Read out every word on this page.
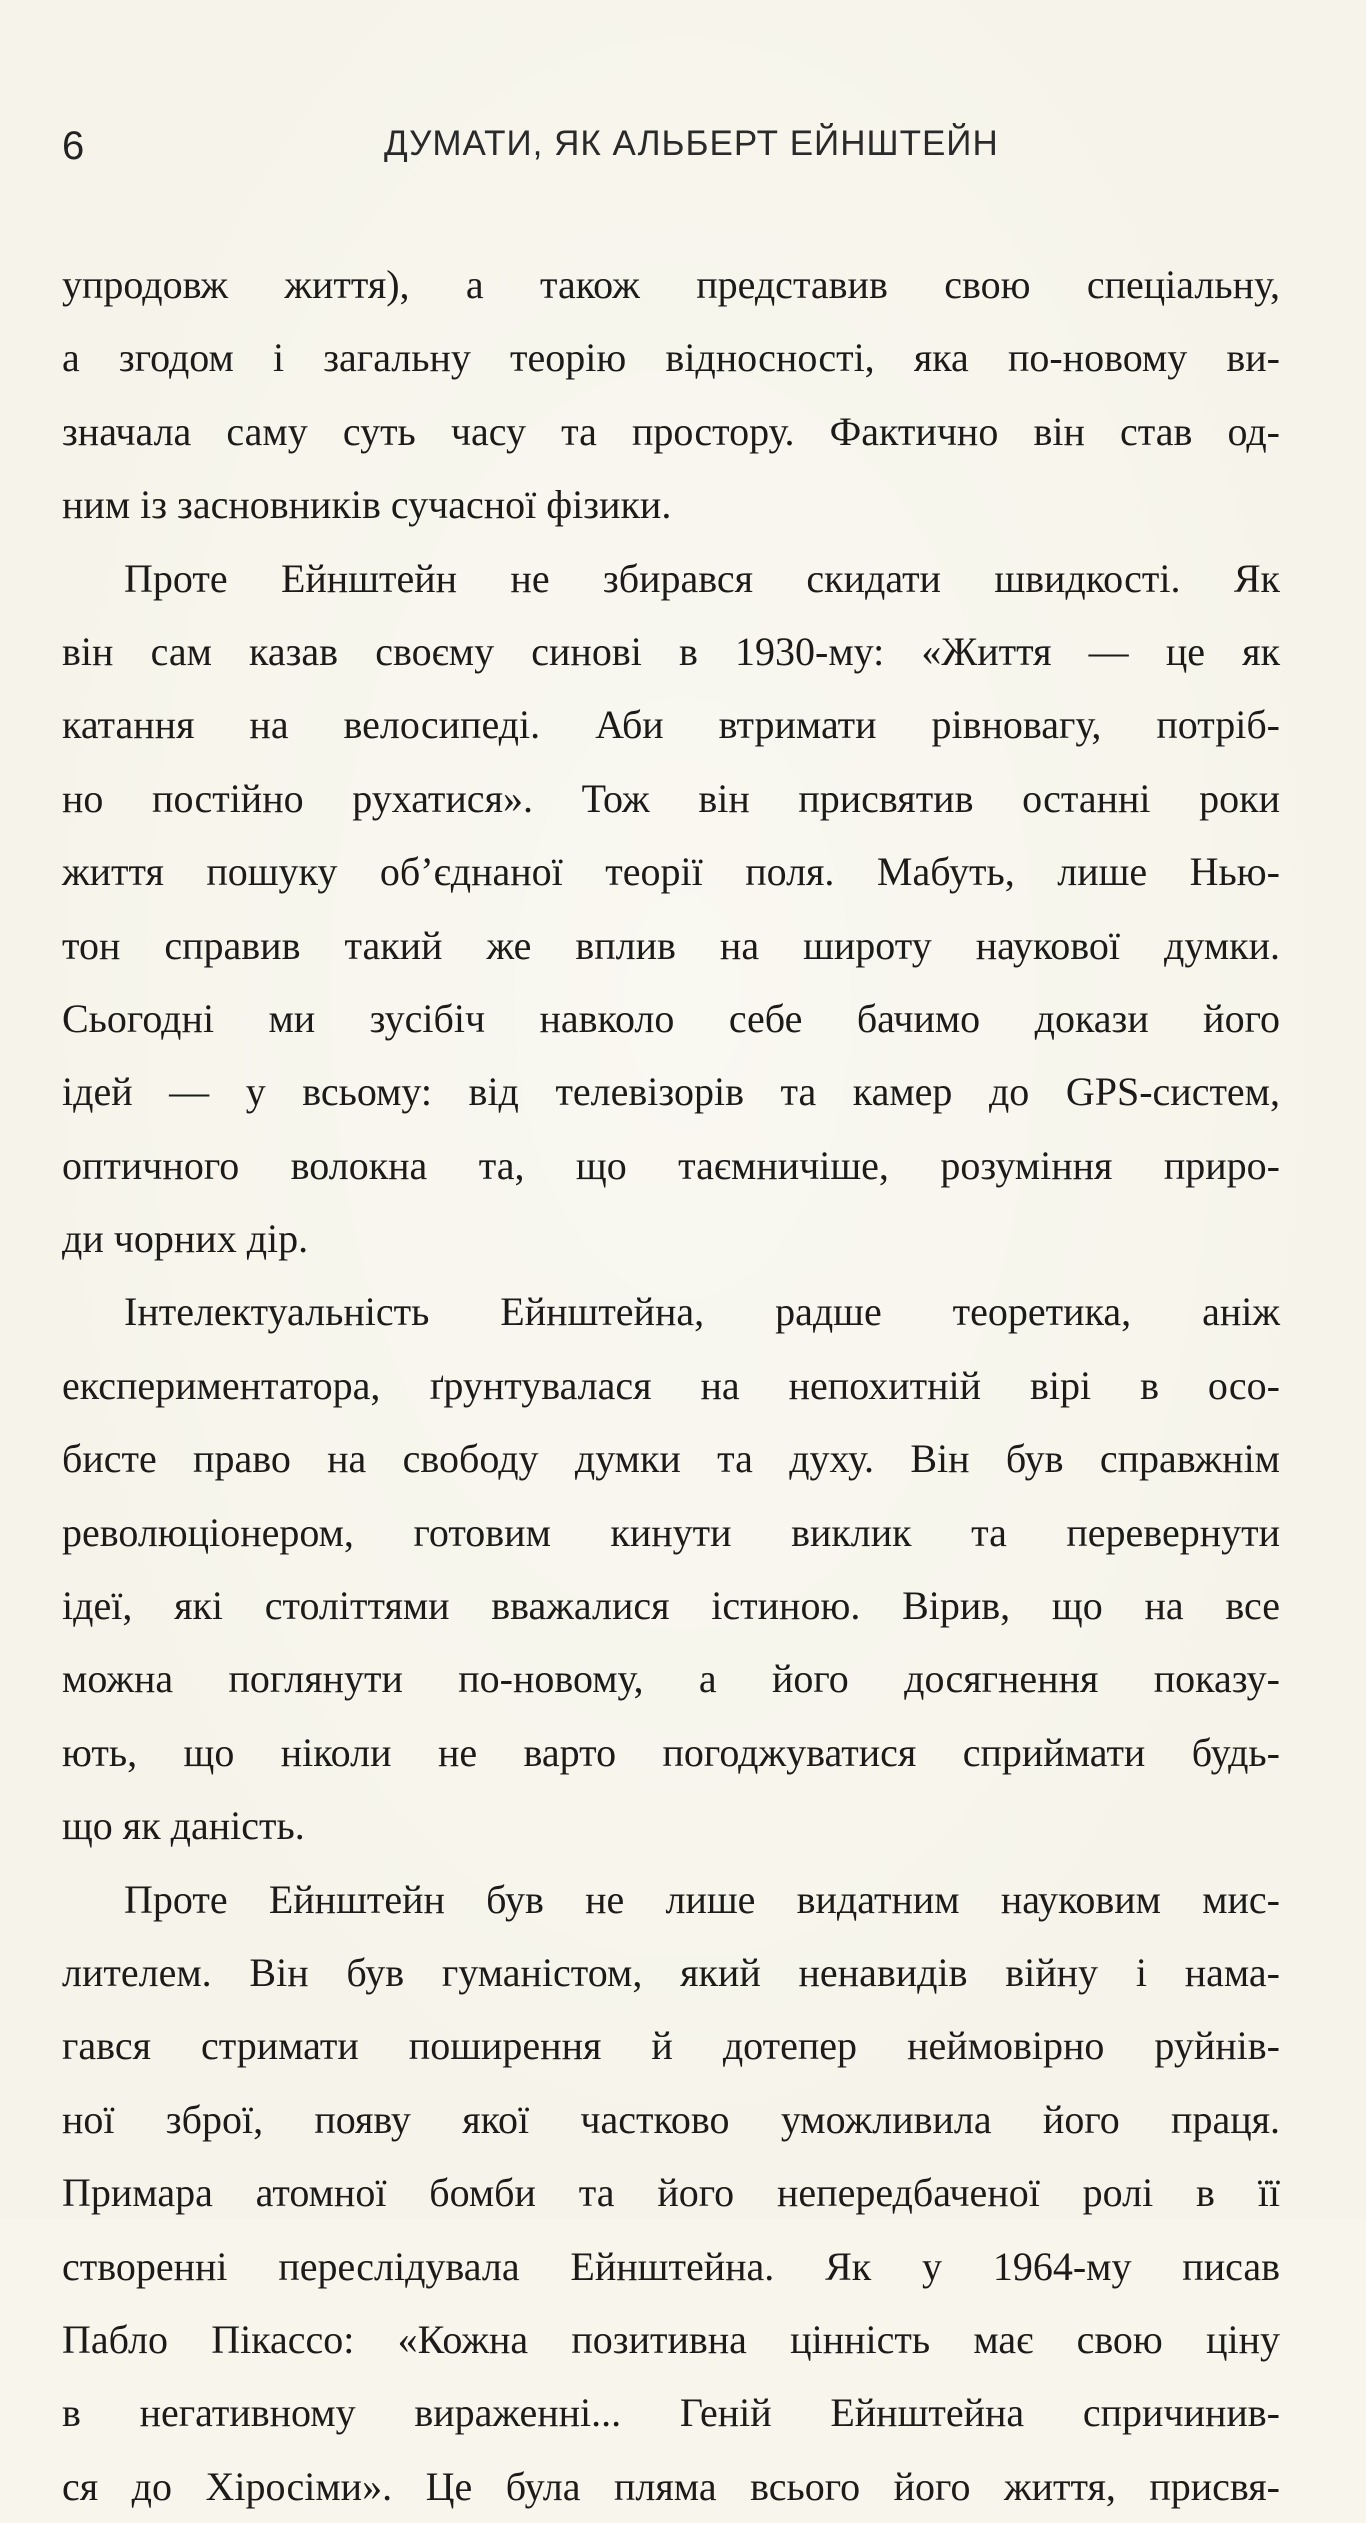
6	ДУМАТИ, ЯК АЛЬБЕРТ ЕЙНШТЕЙН
упродовж життя), а також представив свою спеціальну,
а згодом і загальну теорію відносності, яка по-новому ви-
значала саму суть часу та простору. Фактично він став од-
ним із засновників сучасної фізики.
Проте Ейнштейн не збирався скидати швидкості. Як
він сам казав своєму синові в 1930-му: «Життя — це як
катання на велосипеді. Аби втримати рівновагу, потріб-
но постійно рухатися». Тож він присвятив останні роки
життя пошуку об’єднаної теорії поля. Мабуть, лише Нью-
тон справив такий же вплив на широту наукової думки.
Сьогодні ми зусібіч навколо себе бачимо докази його
ідей — у всьому: від телевізорів та камер до GPS-систем,
оптичного волокна та, що таємничіше, розуміння приро-
ди чорних дір.
Інтелектуальність Ейнштейна, радше теоретика, аніж
експериментатора, ґрунтувалася на непохитній вірі в осо-
бисте право на свободу думки та духу. Він був справжнім
революціонером, готовим кинути виклик та перевернути
ідеї, які століттями вважалися істиною. Вірив, що на все
можна поглянути по-новому, а його досягнення показу-
ють, що ніколи не варто погоджуватися сприймати будь-
що як даність.
Проте Ейнштейн був не лише видатним науковим мис-
лителем. Він був гуманістом, який ненавидів війну і нама-
гався стримати поширення й дотепер неймовірно руйнів-
ної зброї, появу якої частково уможливила його праця.
Примара атомної бомби та його непередбаченої ролі в її
створенні переслідувала Ейнштейна. Як у 1964-му писав
Пабло Пікассо: «Кожна позитивна цінність має свою ціну
в негативному вираженні... Геній Ейнштейна спричинив-
ся до Хіросіми». Це була пляма всього його життя, присвя-
